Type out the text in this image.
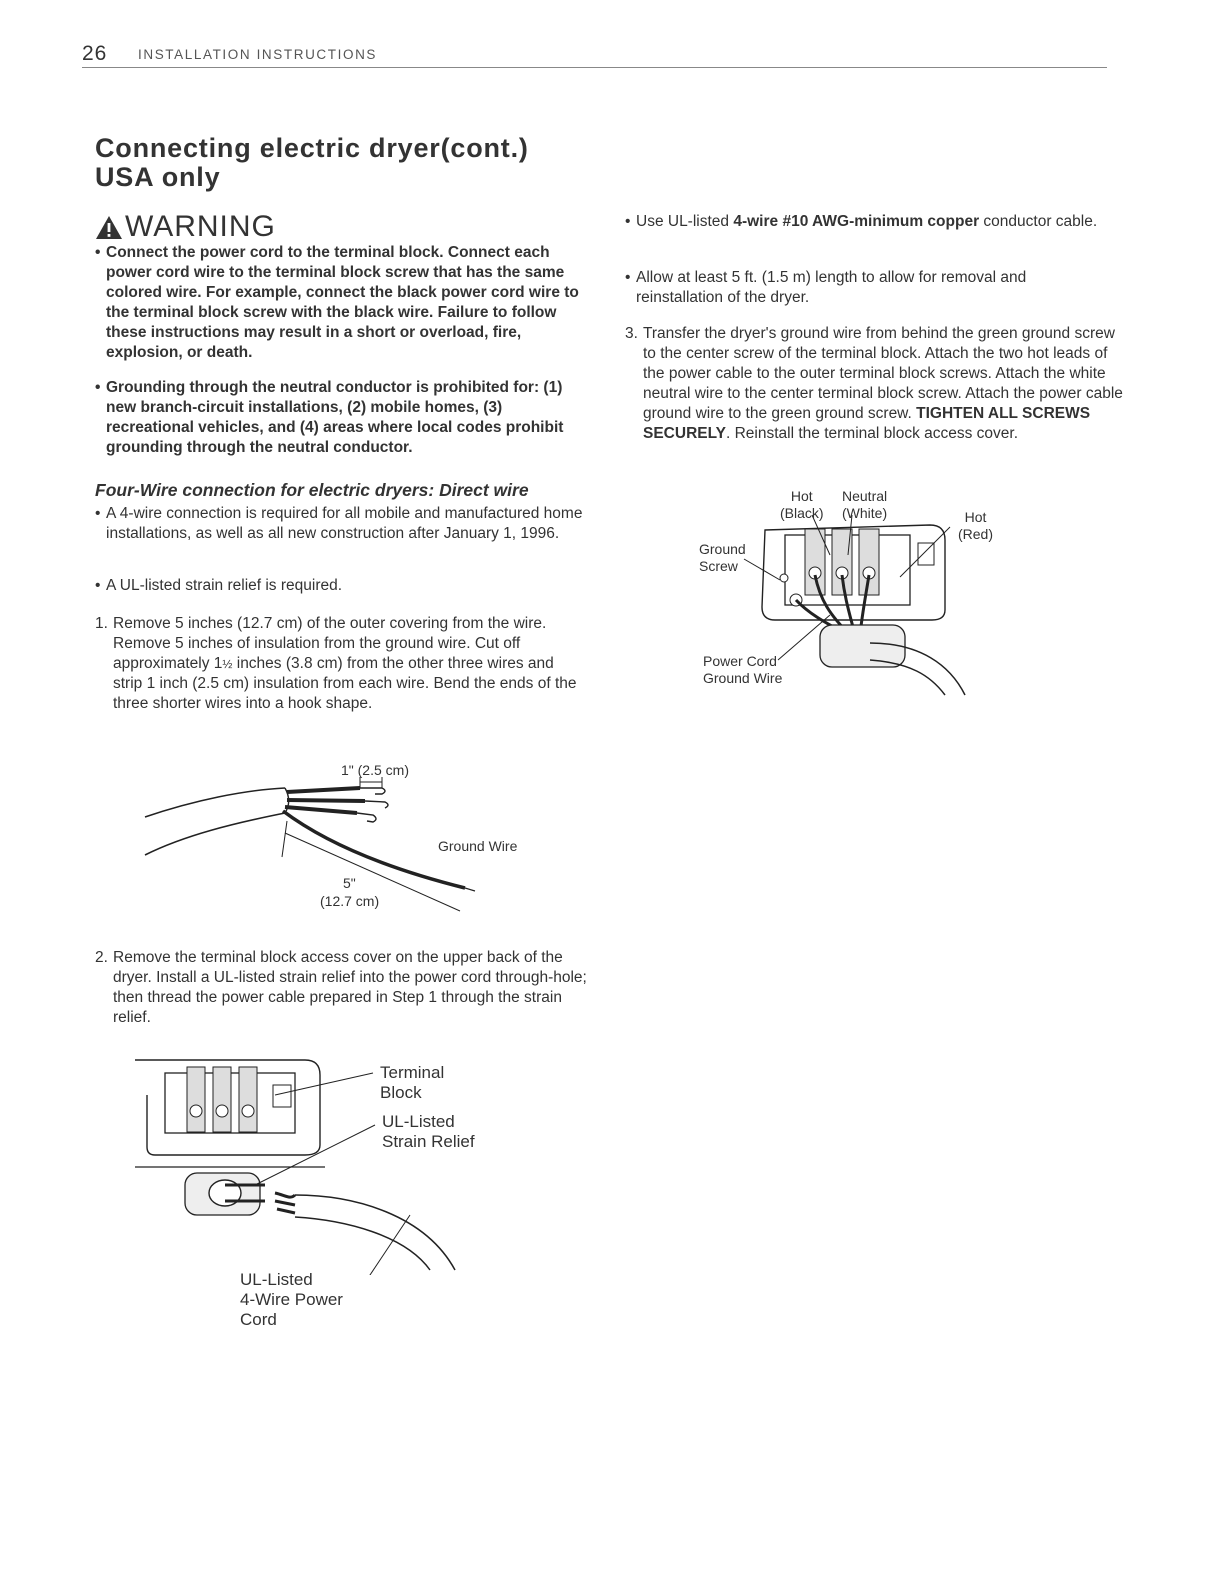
26 INSTALLATION INSTRUCTIONS
Connecting electric dryer(cont.)
USA only
WARNING
• Connect the power cord to the terminal block. Connect each power cord wire to the terminal block screw that has the same colored wire. For example, connect the black power cord wire to the terminal block screw with the black wire. Failure to follow these instructions may result in a short or overload, fire, explosion, or death.
• Grounding through the neutral conductor is prohibited for: (1) new branch-circuit installations, (2) mobile homes, (3) recreational vehicles, and (4) areas where local codes prohibit grounding through the neutral conductor.
Four-Wire connection for electric dryers: Direct wire
• A 4-wire connection is required for all mobile and manufactured home installations, as well as all new construction after January 1, 1996.
• A UL-listed strain relief is required.
1. Remove 5 inches (12.7 cm) of the outer covering from the wire. Remove 5 inches of insulation from the ground wire. Cut off approximately 1½ inches (3.8 cm) from the other three wires and strip 1 inch (2.5 cm) insulation from each wire. Bend the ends of the three shorter wires into a hook shape.
1" (2.5 cm)
Ground Wire
5"
(12.7 cm)
2. Remove the terminal block access cover on the upper back of the dryer. Install a UL-listed strain relief into the power cord through-hole; then thread the power cable prepared in Step 1 through the strain relief.
Terminal
Block
UL-Listed
Strain Relief
UL-Listed
4-Wire Power
Cord
• Use UL-listed 4-wire #10 AWG-minimum copper conductor cable.
• Allow at least 5 ft. (1.5 m) length to allow for removal and reinstallation of the dryer.
3. Transfer the dryer's ground wire from behind the green ground screw to the center screw of the terminal block. Attach the two hot leads of the power cable to the outer terminal block screws. Attach the white neutral wire to the center terminal block screw. Attach the power cable ground wire to the green ground screw. TIGHTEN ALL SCREWS SECURELY. Reinstall the terminal block access cover.
Hot
(Black)
Neutral
(White)	Hot
(Red)
Ground
Screw
Power Cord
Ground Wire
